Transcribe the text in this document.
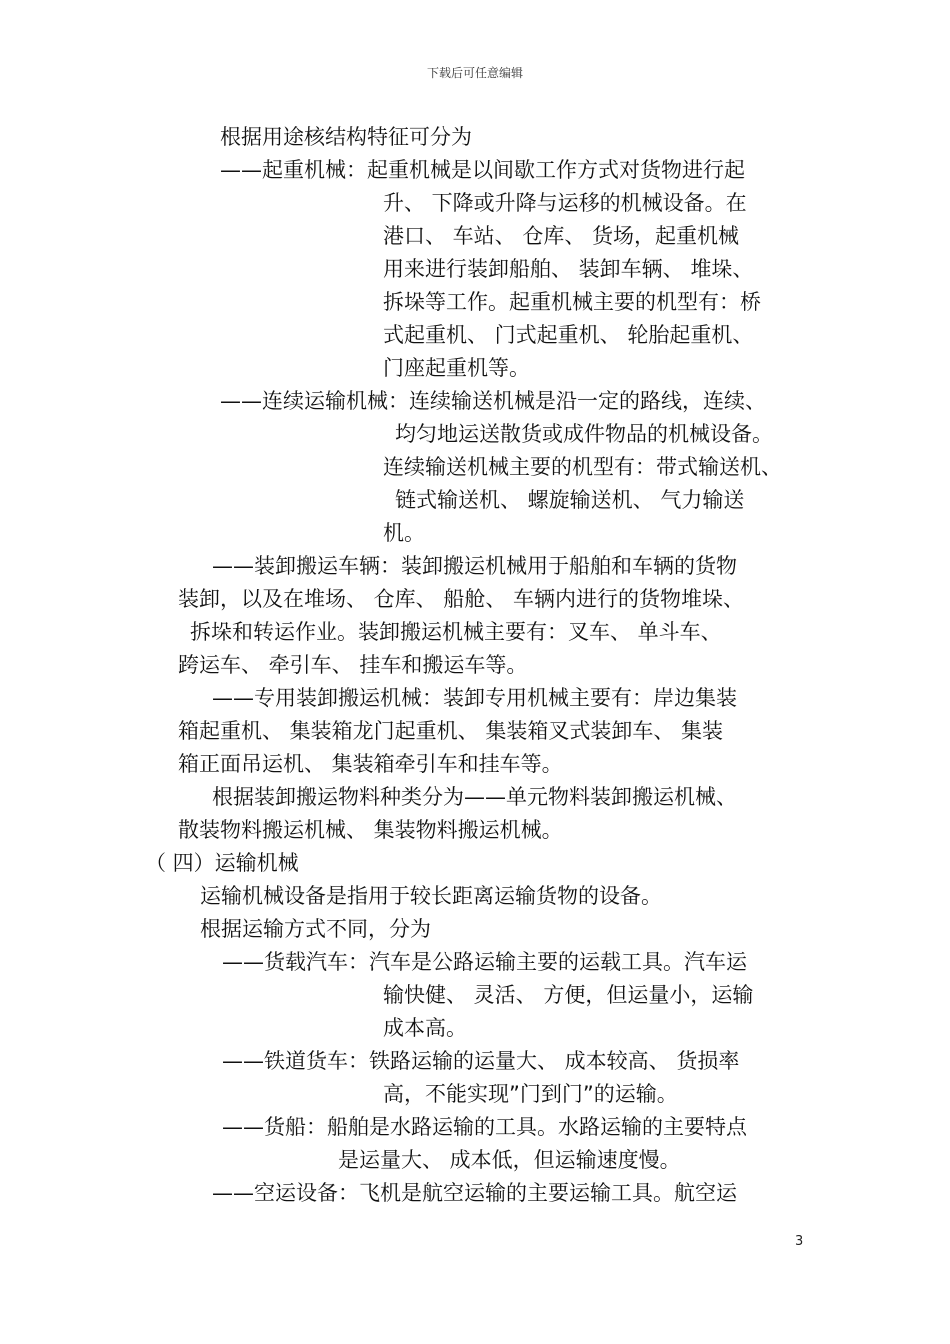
下载后可任意编辑
根据用途核结构特征可分为
——起重机械：起重机械是以间歇工作方式对货物进行起
升、 下降或升降与运移的机械设备。在
港口、 车站、 仓库、 货场，起重机械
用来进行装卸船舶、 装卸车辆、 堆垛、
拆垛等工作。起重机械主要的机型有：桥
式起重机、 门式起重机、 轮胎起重机、
门座起重机等。
——连续运输机械：连续输送机械是沿一定的路线，连续、
均匀地运送散货或成件物品的机械设备。
连续输送机械主要的机型有：带式输送机、
链式输送机、 螺旋输送机、 气力输送
机。
——装卸搬运车辆：装卸搬运机械用于船舶和车辆的货物
装卸，以及在堆场、 仓库、 船舱、 车辆内进行的货物堆垛、
拆垛和转运作业。装卸搬运机械主要有：叉车、 单斗车、
跨运车、 牵引车、 挂车和搬运车等。
——专用装卸搬运机械：装卸专用机械主要有：岸边集装
箱起重机、 集装箱龙门起重机、 集装箱叉式装卸车、 集装
箱正面吊运机、 集装箱牵引车和挂车等。
根据装卸搬运物料种类分为——单元物料装卸搬运机械、
散装物料搬运机械、 集装物料搬运机械。
（ 四）运输机械
运输机械设备是指用于较长距离运输货物的设备。
根据运输方式不同，分为
——货载汽车：汽车是公路运输主要的运载工具。汽车运
输快健、 灵活、 方便，但运量小，运输
成本高。
——铁道货车：铁路运输的运量大、 成本较高、 货损率
高，不能实现”门到门”的运输。
——货船：船舶是水路运输的工具。水路运输的主要特点
是运量大、 成本低，但运输速度慢。
——空运设备：飞机是航空运输的主要运输工具。航空运
3
